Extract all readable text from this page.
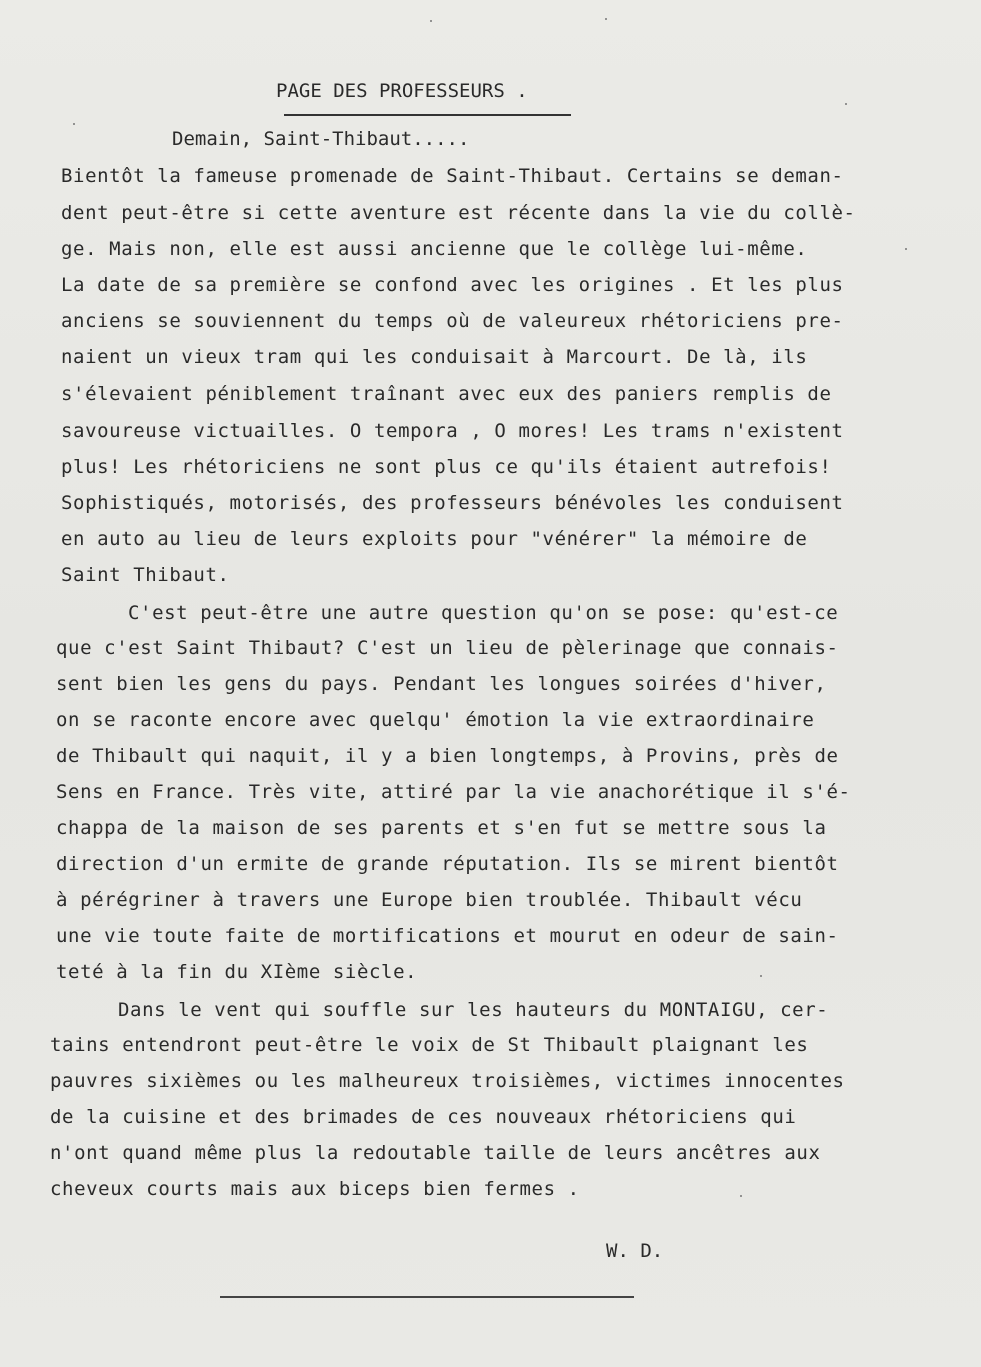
PAGE DES PROFESSEURS .
Demain, Saint-Thibaut.....
Bientôt la fameuse promenade de Saint-Thibaut. Certains se deman-
dent peut-être si cette aventure est récente dans la vie du collè-
ge. Mais non, elle est aussi ancienne que le collège lui-même.
La date de sa première se confond avec les origines . Et les plus
anciens se souviennent du temps où de valeureux rhétoriciens pre-
naient un vieux tram qui les conduisait à Marcourt. De là, ils
s'élevaient péniblement traînant avec eux des paniers remplis de
savoureuse victuailles. O tempora , O mores! Les trams n'existent
plus! Les rhétoriciens ne sont plus ce qu'ils étaient autrefois!
Sophistiqués, motorisés, des professeurs bénévoles les conduisent
en auto au lieu de leurs exploits pour "vénérer" la mémoire de
Saint Thibaut.
C'est peut-être une autre question qu'on se pose: qu'est-ce
que c'est Saint Thibaut? C'est un lieu de pèlerinage que connais-
sent bien les gens du pays. Pendant les longues soirées d'hiver,
on se raconte encore avec quelqu' émotion la vie extraordinaire
de Thibault qui naquit, il y a bien longtemps, à Provins, près de
Sens en France. Très vite, attiré par la vie anachorétique il s'é-
chappa de la maison de ses parents et s'en fut se mettre sous la
direction d'un ermite de grande réputation. Ils se mirent bientôt
à pérégriner à travers une Europe bien troublée. Thibault vécu
une vie toute faite de mortifications et mourut en odeur de sain-
teté à la fin du XIème siècle.
Dans le vent qui souffle sur les hauteurs du MONTAIGU, cer-
tains entendront peut-être le voix de St Thibault plaignant les
pauvres sixièmes ou les malheureux troisièmes, victimes innocentes
de la cuisine et des brimades de ces nouveaux rhétoriciens qui
n'ont quand même plus la redoutable taille de leurs ancêtres aux
cheveux courts mais aux biceps bien fermes .
W. D.
